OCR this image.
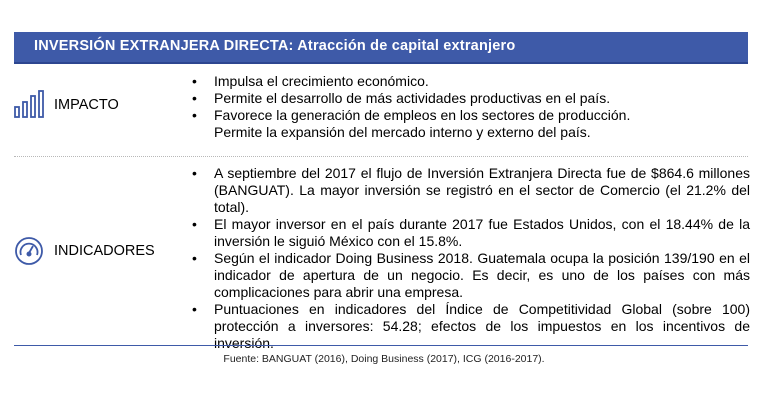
INVERSIÓN EXTRANJERA DIRECTA: Atracción de capital extranjero
IMPACTO
• Impulsa el crecimiento económico.
• Permite el desarrollo de más actividades productivas en el país.
• Favorece la generación de empleos en los sectores de producción.
Permite la expansión del mercado interno y externo del país.
INDICADORES
• A septiembre del 2017 el flujo de Inversión Extranjera Directa fue de $864.6 millones (BANGUAT). La mayor inversión se registró en el sector de Comercio (el 21.2% del total).
• El mayor inversor en el país durante 2017 fue Estados Unidos, con el 18.44% de la inversión le siguió México con el 15.8%.
• Según el indicador Doing Business 2018. Guatemala ocupa la posición 139/190 en el indicador de apertura de un negocio. Es decir, es uno de los países con más complicaciones para abrir una empresa.
• Puntuaciones en indicadores del Índice de Competitividad Global (sobre 100) protección a inversores: 54.28; efectos de los impuestos en los incentivos de inversión.
Fuente: BANGUAT (2016), Doing Business (2017), ICG (2016-2017).
